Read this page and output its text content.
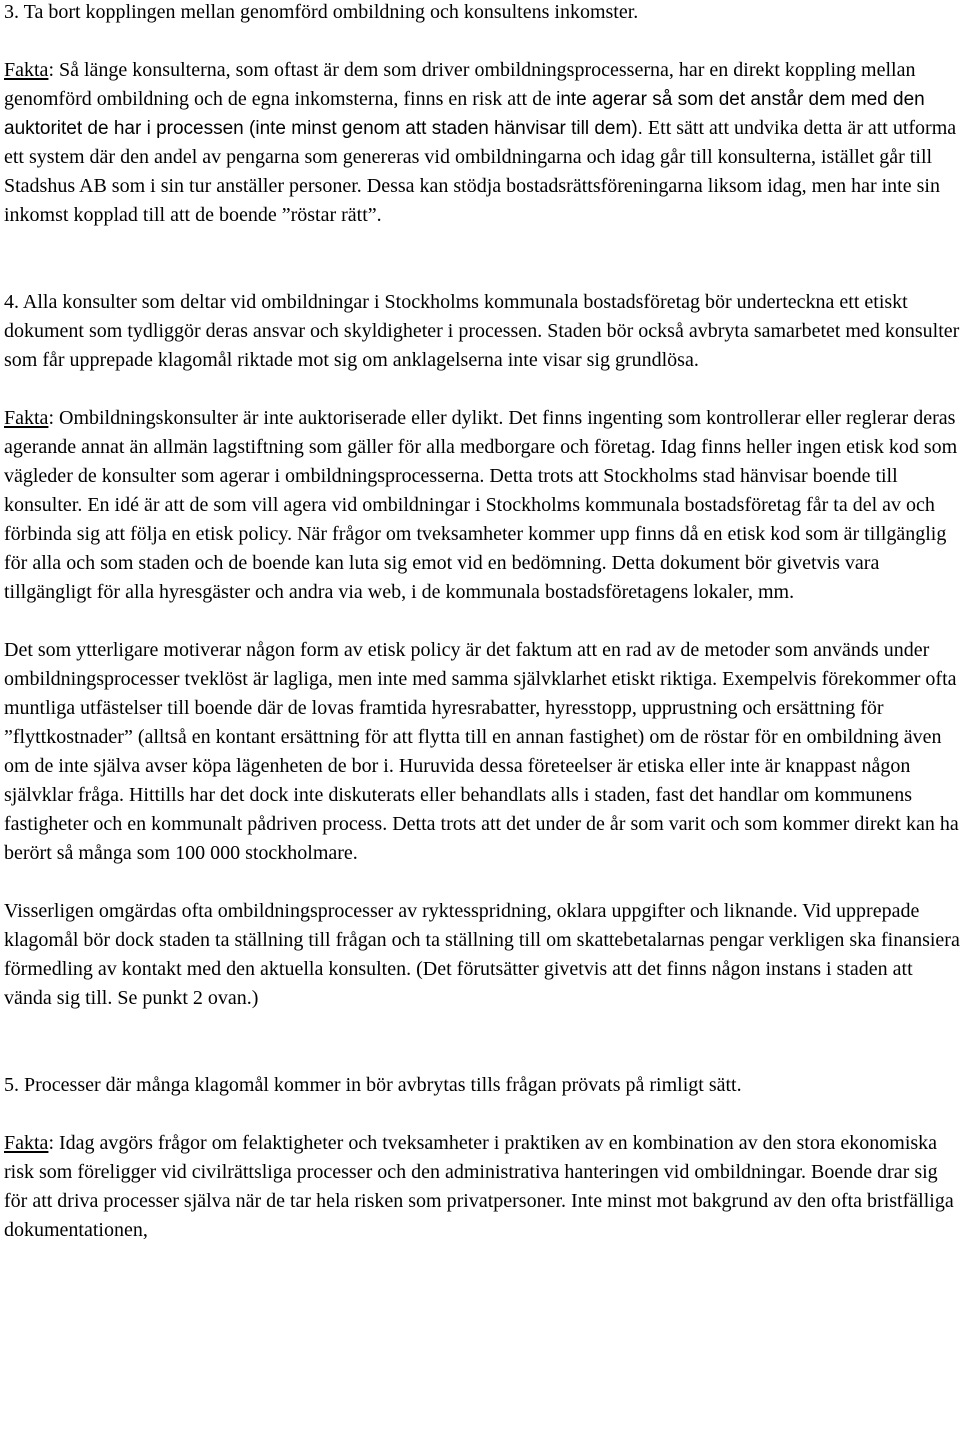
3. Ta bort kopplingen mellan genomförd ombildning och konsultens inkomster.

Fakta: Så länge konsulterna, som oftast är dem som driver ombildningsprocesserna, har en direkt koppling mellan genomförd ombildning och de egna inkomsterna, finns en risk att de inte agerar så som det anstår dem med den auktoritet de har i processen (inte minst genom att staden hänvisar till dem). Ett sätt att undvika detta är att utforma ett system där den andel av pengarna som genereras vid ombildningarna och idag går till konsulterna, istället går till Stadshus AB som i sin tur anställer personer. Dessa kan stödja bostadsrättsföreningarna liksom idag, men har inte sin inkomst kopplad till att de boende ”röstar rätt”.

4. Alla konsulter som deltar vid ombildningar i Stockholms kommunala bostadsföretag bör underteckna ett etiskt dokument som tydliggör deras ansvar och skyldigheter i processen. Staden bör också avbryta samarbetet med konsulter som får upprepade klagomål riktade mot sig om anklagelserna inte visar sig grundlösa.

Fakta: Ombildningskonsulter är inte auktoriserade eller dylikt. Det finns ingenting som kontrollerar eller reglerar deras agerande annat än allmän lagstiftning som gäller för alla medborgare och företag. Idag finns heller ingen etisk kod som vägleder de konsulter som agerar i ombildningsprocesserna. Detta trots att Stockholms stad hänvisar boende till konsulter. En idé är att de som vill agera vid ombildningar i Stockholms kommunala bostadsföretag får ta del av och förbinda sig att följa en etisk policy. När frågor om tveksamheter kommer upp finns då en etisk kod som är tillgänglig för alla och som staden och de boende kan luta sig emot vid en bedömning. Detta dokument bör givetvis vara tillgängligt för alla hyresgäster och andra via web, i de kommunala bostadsföretagens lokaler, mm.

Det som ytterligare motiverar någon form av etisk policy är det faktum att en rad av de metoder som används under ombildningsprocesser tveklöst är lagliga, men inte med samma självklarhet etiskt riktiga. Exempelvis förekommer ofta muntliga utfästelser till boende där de lovas framtida hyresrabatter, hyresstopp, upprustning och ersättning för ”flyttkostnader” (alltså en kontant ersättning för att flytta till en annan fastighet) om de röstar för en ombildning även om de inte själva avser köpa lägenheten de bor i. Huruvida dessa företeelser är etiska eller inte är knappast någon självklar fråga. Hittills har det dock inte diskuterats eller behandlats alls i staden, fast det handlar om kommunens fastigheter och en kommunalt pådriven process. Detta trots att det under de år som varit och som kommer direkt kan ha berört så många som 100 000 stockholmare.

Visserligen omgärdas ofta ombildningsprocesser av ryktesspridning, oklara uppgifter och liknande. Vid upprepade klagomål bör dock staden ta ställning till frågan och ta ställning till om skattebetalarnas pengar verkligen ska finansiera förmedling av kontakt med den aktuella konsulten. (Det förutsätter givetvis att det finns någon instans i staden att vända sig till. Se punkt 2 ovan.)

5. Processer där många klagomål kommer in bör avbrytas tills frågan prövats på rimligt sätt.

Fakta: Idag avgörs frågor om felaktigheter och tveksamheter i praktiken av en kombination av den stora ekonomiska risk som föreligger vid civilrättsliga processer och den administrativa hanteringen vid ombildningar. Boende drar sig för att driva processer själva när de tar hela risken som privatpersoner. Inte minst mot bakgrund av den ofta bristfälliga dokumentationen,
